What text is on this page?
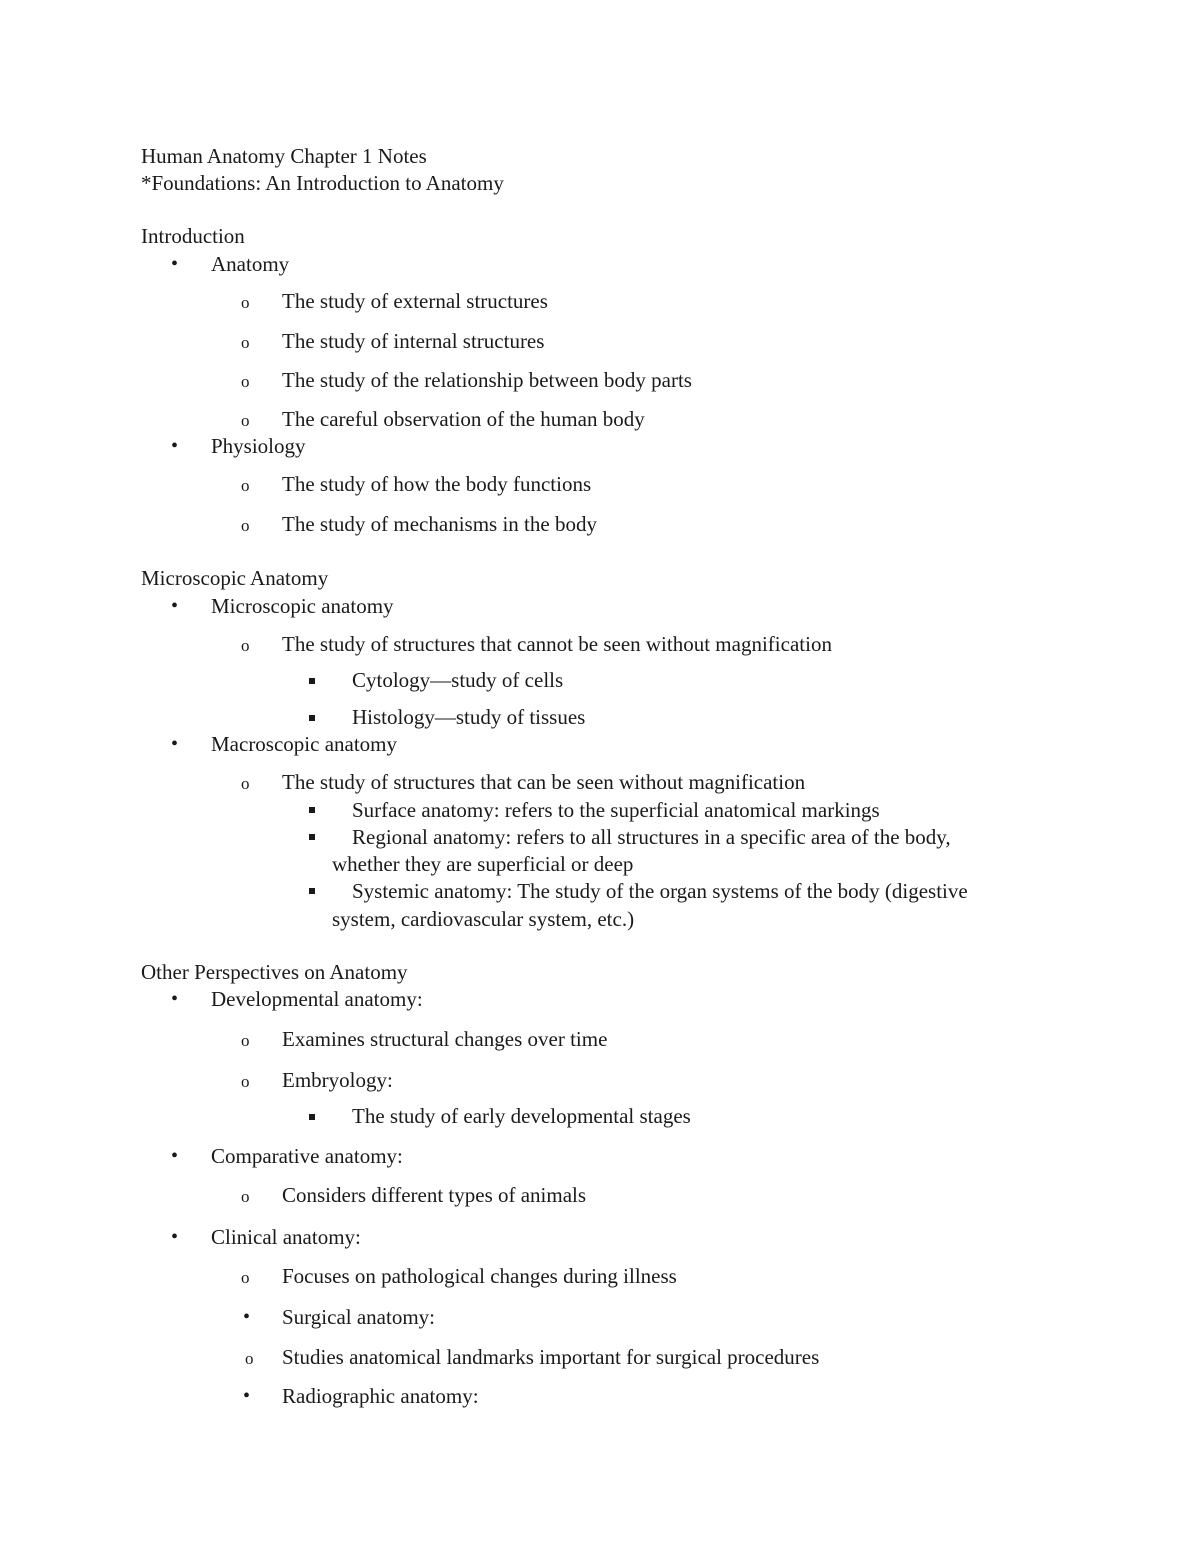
Human Anatomy Chapter 1 Notes
*Foundations: An Introduction to Anatomy
Introduction
• Anatomy
o The study of external structures
o The study of internal structures
o The study of the relationship between body parts
o The careful observation of the human body
• Physiology
o The study of how the body functions
o The study of mechanisms in the body
Microscopic Anatomy
• Microscopic anatomy
o The study of structures that cannot be seen without magnification
Cytology—study of cells
Histology—study of tissues
• Macroscopic anatomy
o The study of structures that can be seen without magnification
Surface anatomy: refers to the superficial anatomical markings
Regional anatomy: refers to all structures in a specific area of the body,
whether they are superficial or deep
Systemic anatomy: The study of the organ systems of the body (digestive
system, cardiovascular system, etc.)
Other Perspectives on Anatomy
• Developmental anatomy:
o Examines structural changes over time
o Embryology:
The study of early developmental stages
• Comparative anatomy:
o Considers different types of animals
• Clinical anatomy:
o Focuses on pathological changes during illness
• Surgical anatomy:
o Studies anatomical landmarks important for surgical procedures
• Radiographic anatomy:
